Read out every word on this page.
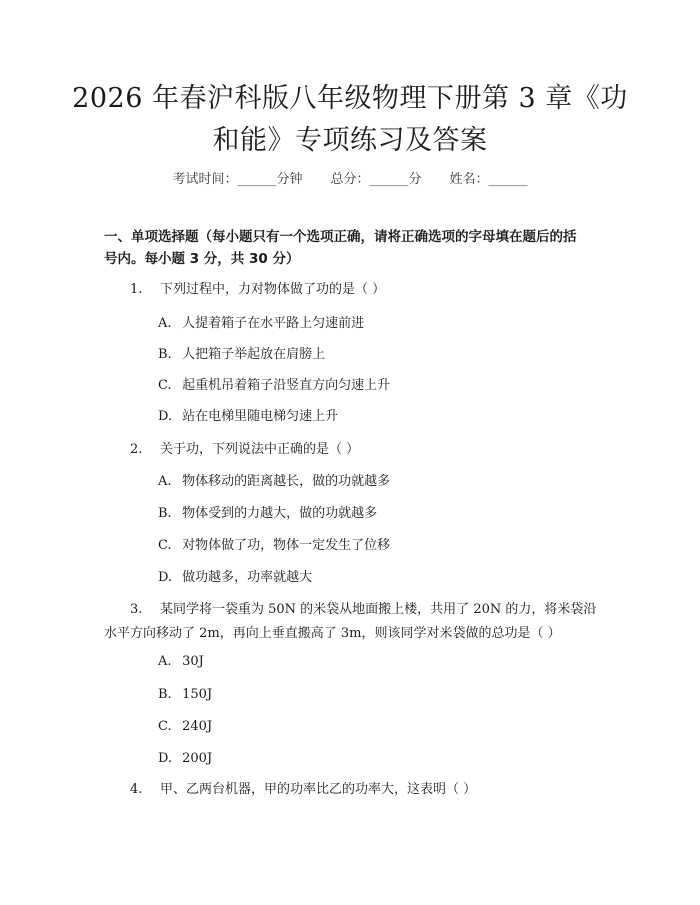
2026 年春沪科版八年级物理下册第 3 章《功
和能》专项练习及答案
考试时间：______分钟 总分：______分 姓名：______
一、单项选择题（每小题只有一个选项正确，请将正确选项的字母填在题后的括
号内。每小题 3 分，共 30 分）
1. 下列过程中，力对物体做了功的是（ ）
A. 人提着箱子在水平路上匀速前进
B. 人把箱子举起放在肩膀上
C. 起重机吊着箱子沿竖直方向匀速上升
D. 站在电梯里随电梯匀速上升
2. 关于功，下列说法中正确的是（ ）
A. 物体移动的距离越长，做的功就越多
B. 物体受到的力越大，做的功就越多
C. 对物体做了功，物体一定发生了位移
D. 做功越多，功率就越大
3. 某同学将一袋重为 50N 的米袋从地面搬上楼，共用了 20N 的力，将米袋沿
水平方向移动了 2m，再向上垂直搬高了 3m，则该同学对米袋做的总功是（ ）
A. 30J
B. 150J
C. 240J
D. 200J
4. 甲、乙两台机器，甲的功率比乙的功率大，这表明（ ）
